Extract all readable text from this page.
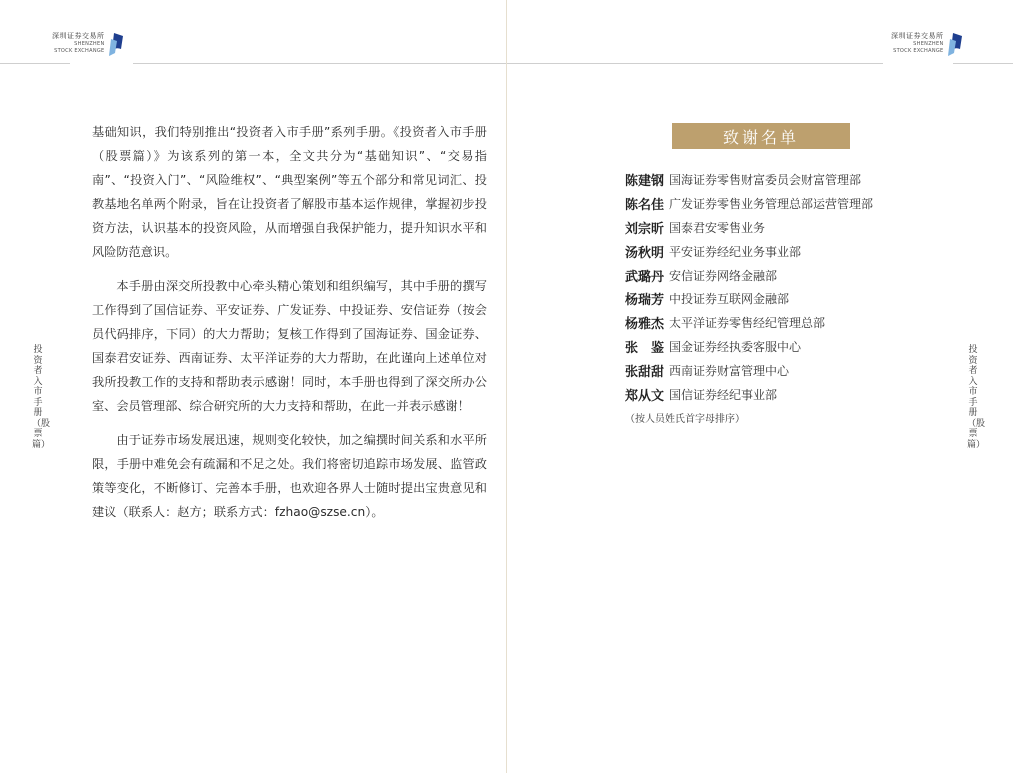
深圳证券交易所
SHENZHEN
STOCK EXCHANGE
投资者入市手册（股票篇）

基础知识，我们特别推出“投资者入市手册”系列手册。《投资者入市手册（股票篇）》为该系列的第一本，全文共分为“基础知识”、“交易指南”、“投资入门”、“风险维权”、“典型案例”等五个部分和常见词汇、投教基地名单两个附录，旨在让投资者了解股市基本运作规律，掌握初步投资方法，认识基本的投资风险，从而增强自我保护能力，提升知识水平和风险防范意识。

本手册由深交所投教中心牵头精心策划和组织编写，其中手册的撰写工作得到了国信证券、平安证券、广发证券、中投证券、安信证券（按会员代码排序，下同）的大力帮助；复核工作得到了国海证券、国金证券、国泰君安证券、西南证券、太平洋证券的大力帮助，在此谨向上述单位对我所投教工作的支持和帮助表示感谢！同时，本手册也得到了深交所办公室、会员管理部、综合研究所的大力支持和帮助，在此一并表示感谢！

由于证券市场发展迅速，规则变化较快，加之编撰时间关系和水平所限，手册中难免会有疏漏和不足之处。我们将密切追踪市场发展、监管政策等变化，不断修订、完善本手册，也欢迎各界人士随时提出宝贵意见和建议（联系人：赵方；联系方式：fzhao@szse.cn）。

深圳证券交易所
SHENZHEN
STOCK EXCHANGE
投资者入市手册（股票篇）
致谢名单
陈建钢 国海证券零售财富委员会财富管理部
陈名佳 广发证券零售业务管理总部运营管理部
刘宗昕 国泰君安零售业务
汤秋明 平安证券经纪业务事业部
武璐丹 安信证券网络金融部
杨瑞芳 中投证券互联网金融部
杨雅杰 太平洋证券零售经纪管理总部
张　鉴 国金证券经执委客服中心
张甜甜 西南证券财富管理中心
郑从文 国信证券经纪事业部
（按人员姓氏首字母排序）
